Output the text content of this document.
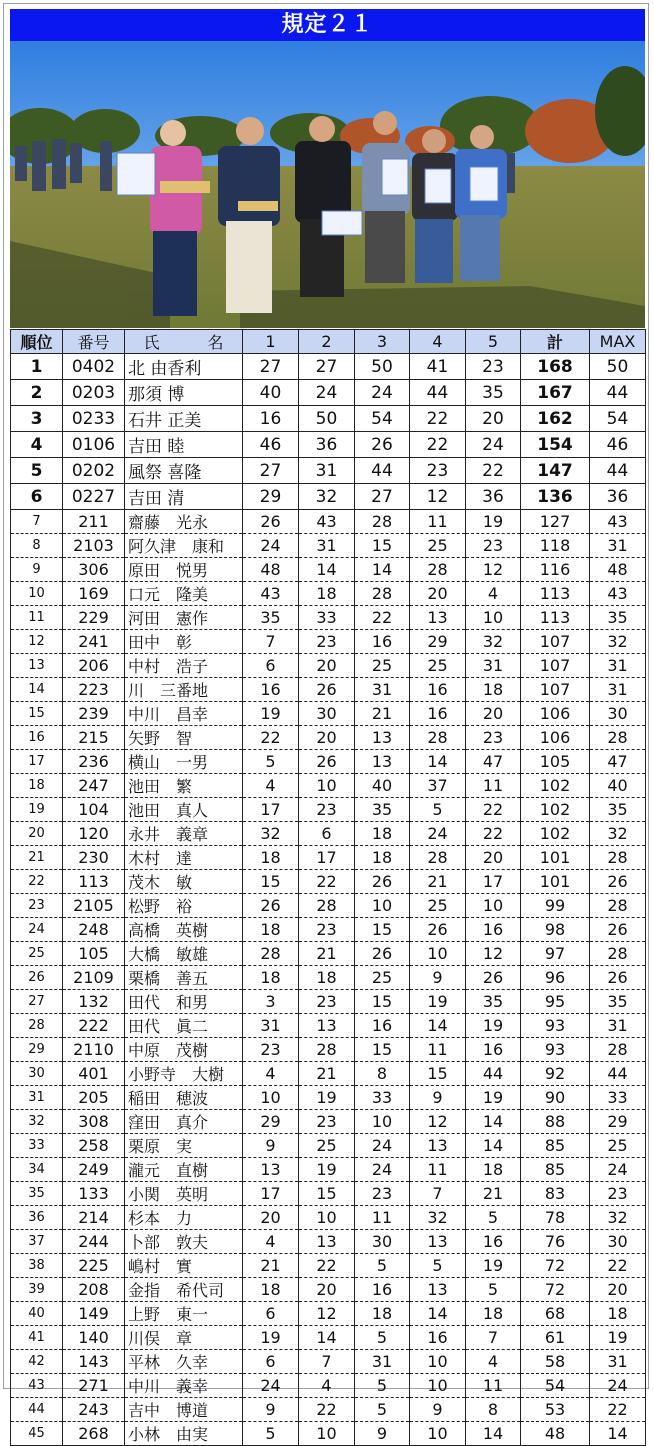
規定２１
順位	番号	氏　　　名	1	2	3	4	5	計	MAX
1	0402	北 由香利	27	27	50	41	23	168	50
2	0203	那須 博	40	24	24	44	35	167	44
3	0233	石井 正美	16	50	54	22	20	162	54
4	0106	吉田 睦	46	36	26	22	24	154	46
5	0202	風祭 喜隆	27	31	44	23	22	147	44
6	0227	吉田 清	29	32	27	12	36	136	36
7	211	齋藤　光永	26	43	28	11	19	127	43
8	2103	阿久津　康和	24	31	15	25	23	118	31
9	306	原田　悦男	48	14	14	28	12	116	48
10	169	口元　隆美	43	18	28	20	4	113	43
11	229	河田　憲作	35	33	22	13	10	113	35
12	241	田中　彰	7	23	16	29	32	107	32
13	206	中村　浩子	6	20	25	25	31	107	31
14	223	川　三番地	16	26	31	16	18	107	31
15	239	中川　昌幸	19	30	21	16	20	106	30
16	215	矢野　智	22	20	13	28	23	106	28
17	236	横山　一男	5	26	13	14	47	105	47
18	247	池田　繁	4	10	40	37	11	102	40
19	104	池田　真人	17	23	35	5	22	102	35
20	120	永井　義章	32	6	18	24	22	102	32
21	230	木村　達	18	17	18	28	20	101	28
22	113	茂木　敏	15	22	26	21	17	101	26
23	2105	松野　裕	26	28	10	25	10	99	28
24	248	高橋　英樹	18	23	15	26	16	98	26
25	105	大橋　敏雄	28	21	26	10	12	97	28
26	2109	栗橋　善五	18	18	25	9	26	96	26
27	132	田代　和男	3	23	15	19	35	95	35
28	222	田代　眞二	31	13	16	14	19	93	31
29	2110	中原　茂樹	23	28	15	11	16	93	28
30	401	小野寺　大樹	4	21	8	15	44	92	44
31	205	稲田　穂波	10	19	33	9	19	90	33
32	308	窪田　真介	29	23	10	12	14	88	29
33	258	栗原　実	9	25	24	13	14	85	25
34	249	瀧元　直樹	13	19	24	11	18	85	24
35	133	小関　英明	17	15	23	7	21	83	23
36	214	杉本　力	20	10	11	32	5	78	32
37	244	卜部　敦夫	4	13	30	13	16	76	30
38	225	嶋村　實	21	22	5	5	19	72	22
39	208	金指　希代司	18	20	16	13	5	72	20
40	149	上野　東一	6	12	18	14	18	68	18
41	140	川俣　章	19	14	5	16	7	61	19
42	143	平林　久幸	6	7	31	10	4	58	31
43	271	中川　義幸	24	4	5	10	11	54	24
44	243	吉中　博道	9	22	5	9	8	53	22
45	268	小林　由実	5	10	9	10	14	48	14
